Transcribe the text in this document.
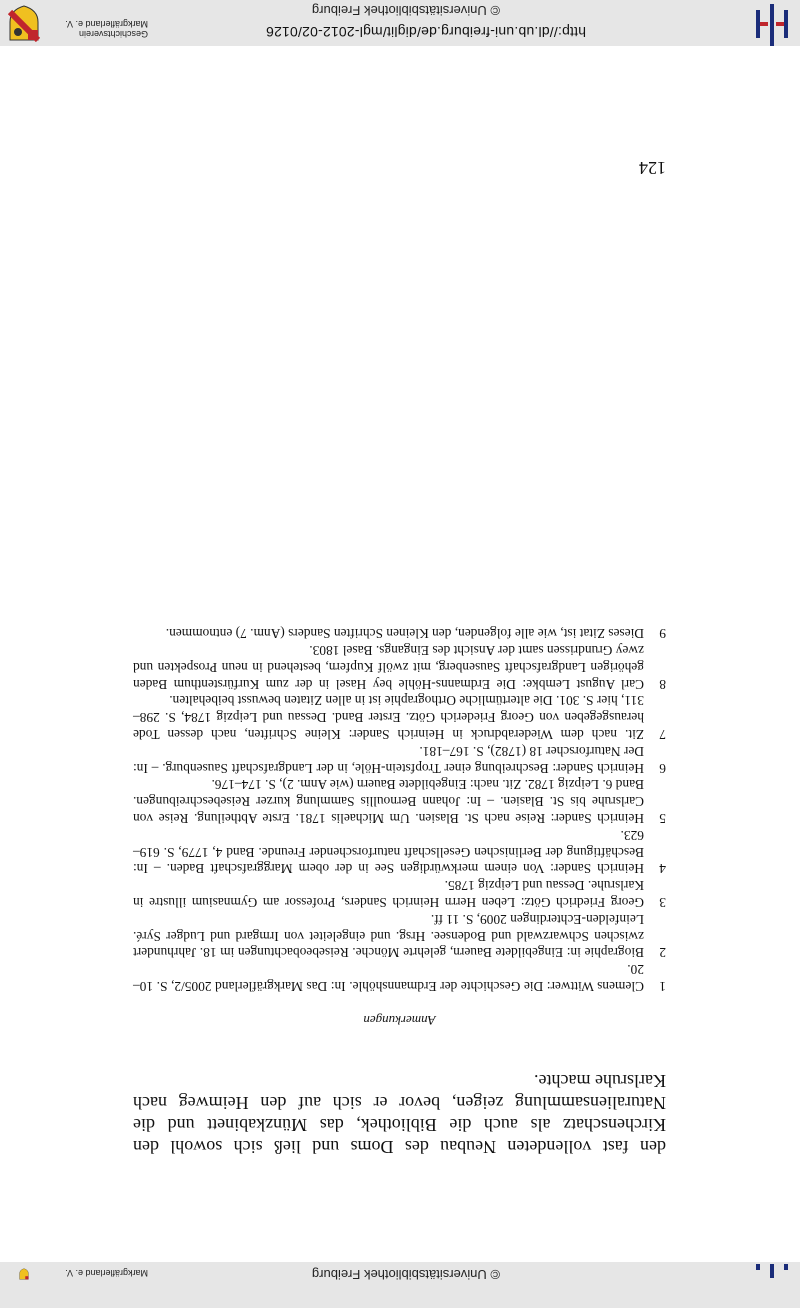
http://dl.ub.uni-freiburg.de/diglit/mgl-2012-02/0126
© Universitätsbibliothek Freiburg
Geschichtsverein
Markgräflerland e. V.
© Universitätsbibliothek Freiburg
Markgräflerland e. V.
den fast vollendeten Neubau des Doms und ließ sich sowohl den Kirchenschatz als auch die Bibliothek, das Münzkabinett und die Naturaliensammlung zeigen, bevor er sich auf den Heimweg nach Karlsruhe machte.
Anmerkungen
1
Clemens Wittwer: Die Geschichte der Erdmannshöhle. In: Das Markgräflerland 2005/2, S. 10–20.
2
Biographie in: Eingebildete Bauern, gelehrte Mönche. Reisebeobachtungen im 18. Jahrhundert zwischen Schwarzwald und Bodensee. Hrsg. und eingeleitet von Irmgard und Ludger Syré. Leinfelden-Echterdingen 2009, S. 11 ff.
3
Georg Friedrich Götz: Leben Herrn Heinrich Sanders, Professor am Gymnasium illustre in Karlsruhe. Dessau und Leipzig 1785.
4
Heinrich Sander: Von einem merkwürdigen See in der obern Marggrafschaft Baden. – In: Beschäftigung der Berlinischen Gesellschaft naturforschender Freunde. Band 4, 1779, S. 619–623.
5
Heinrich Sander: Reise nach St. Blasien. Um Michaelis 1781. Erste Abtheilung. Reise von Carlsruhe bis St. Blasien. – In: Johann Bernoullis Sammlung kurzer Reisebeschreibungen. Band 6. Leipzig 1782. Zit. nach: Eingebildete Bauern (wie Anm. 2), S. 174–176.
6
Heinrich Sander: Beschreibung einer Tropfstein-Höle, in der Landgrafschaft Sausenburg. – In: Der Naturforscher 18 (1782), S. 167–181.
7
Zit. nach dem Wiederabdruck in Heinrich Sander: Kleine Schriften, nach dessen Tode herausgegeben von Georg Friederich Götz. Erster Band. Dessau und Leipzig 1784, S. 298–311, hier S. 301. Die altertümliche Orthographie ist in allen Zitaten bewusst beibehalten.
8
Carl August Lembke: Die Erdmanns-Höhle bey Hasel in der zum Kurfürstenthum Baden gehörigen Landgrafschaft Sausenberg, mit zwölf Kupfern, bestehend in neun Prospekten und zwey Grundrissen samt der Ansicht des Eingangs. Basel 1803.
9
Dieses Zitat ist, wie alle folgenden, den Kleinen Schriften Sanders (Anm. 7) entnommen.
124
